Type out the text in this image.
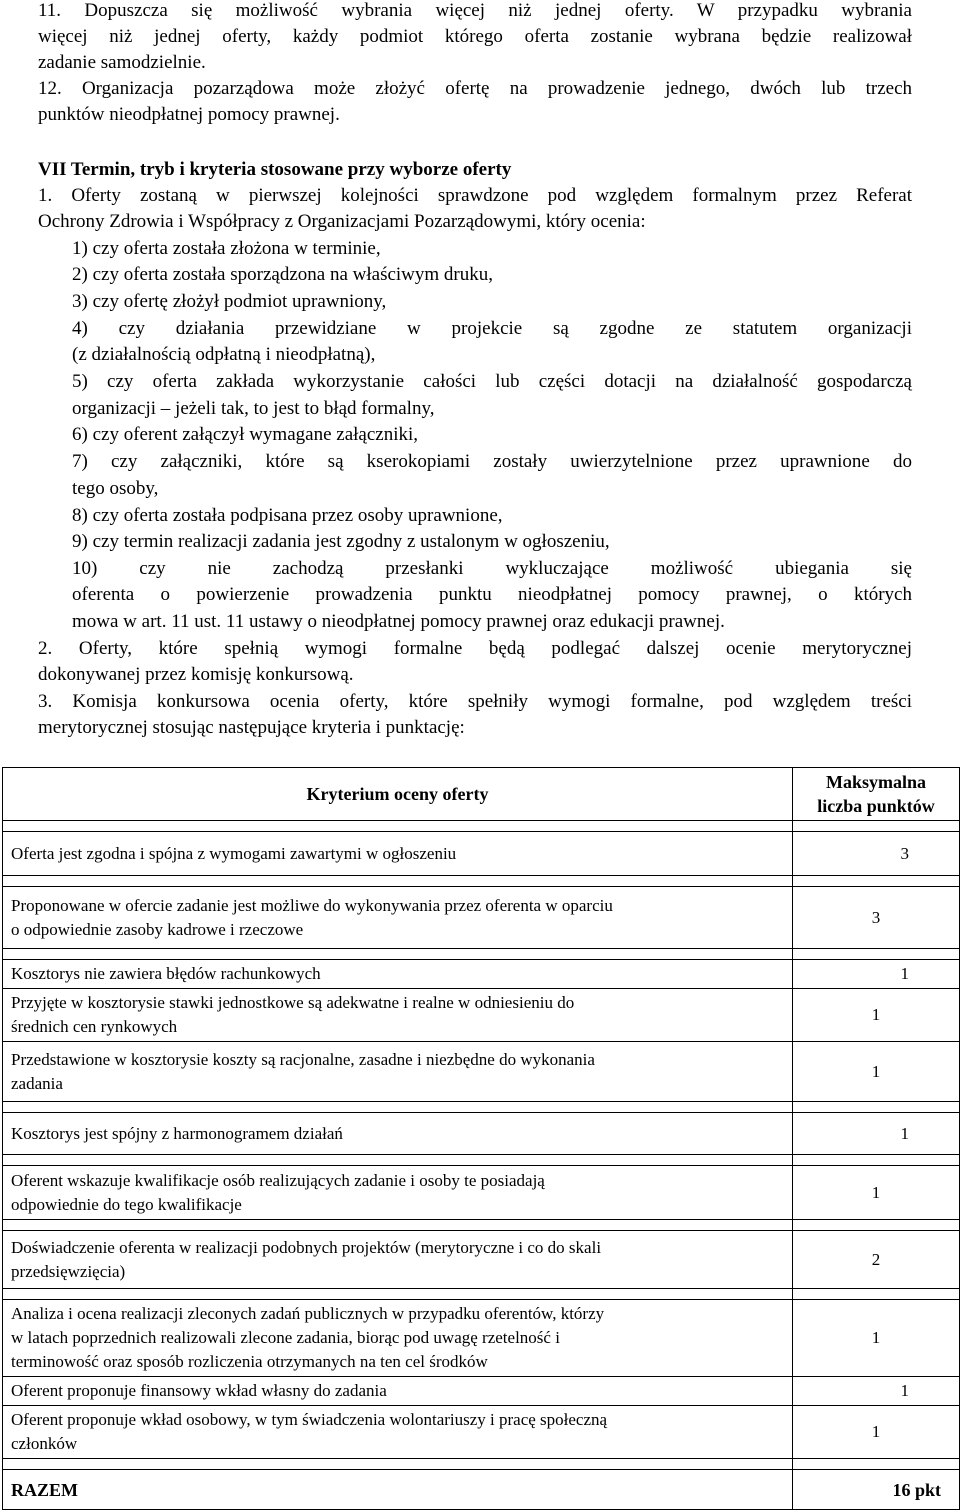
11. Dopuszcza się możliwość wybrania więcej niż jednej oferty. W przypadku wybrania
więcej niż jednej oferty, każdy podmiot którego oferta zostanie wybrana będzie realizował
zadanie samodzielnie.
12. Organizacja pozarządowa może złożyć ofertę na prowadzenie jednego, dwóch lub trzech
punktów nieodpłatnej pomocy prawnej.
VII Termin, tryb i kryteria stosowane przy wyborze oferty
1. Oferty zostaną w pierwszej kolejności sprawdzone pod względem formalnym przez Referat
Ochrony Zdrowia i Współpracy z Organizacjami Pozarządowymi, który ocenia:
1) czy oferta została złożona w terminie,
2) czy oferta została sporządzona na właściwym druku,
3) czy ofertę złożył podmiot uprawniony,
4) czy działania przewidziane w projekcie są zgodne ze statutem organizacji
(z działalnością odpłatną i nieodpłatną),
5) czy oferta zakłada wykorzystanie całości lub części dotacji na działalność gospodarczą
organizacji – jeżeli tak, to jest to błąd formalny,
6) czy oferent załączył wymagane załączniki,
7) czy załączniki, które są kserokopiami zostały uwierzytelnione przez uprawnione do
tego osoby,
8) czy oferta została podpisana przez osoby uprawnione,
9) czy termin realizacji zadania jest zgodny z ustalonym w ogłoszeniu,
10) czy nie zachodzą przesłanki wykluczające możliwość ubiegania się
oferenta o powierzenie prowadzenia punktu nieodpłatnej pomocy prawnej, o których
mowa w art. 11 ust. 11 ustawy o nieodpłatnej pomocy prawnej oraz edukacji prawnej.
2. Oferty, które spełnią wymogi formalne będą podlegać dalszej ocenie merytorycznej
dokonywanej przez komisję konkursową.
3. Komisja konkursowa ocenia oferty, które spełniły wymogi formalne, pod względem treści
merytorycznej stosując następujące kryteria i punktację:
Kryterium oceny oferty	Maksymalna
liczba punktów

Oferta jest zgodna i spójna z wymogami zawartymi w ogłoszeniu	3

Proponowane w ofercie zadanie jest możliwe do wykonywania przez oferenta w oparciu
o odpowiednie zasoby kadrowe i rzeczowe	3

Kosztorys nie zawiera błędów rachunkowych	1

Przyjęte w kosztorysie stawki jednostkowe są adekwatne i realne w odniesieniu do
średnich cen rynkowych	1

Przedstawione w kosztorysie koszty są racjonalne, zasadne i niezbędne do wykonania
zadania	1

Kosztorys jest spójny z harmonogramem działań	1

Oferent wskazuje kwalifikacje osób realizujących zadanie i osoby te posiadają
odpowiednie do tego kwalifikacje	1

Doświadczenie oferenta w realizacji podobnych projektów (merytoryczne i co do skali
przedsięwzięcia)	2

Analiza i ocena realizacji zleconych zadań publicznych w przypadku oferentów, którzy
w latach poprzednich realizowali zlecone zadania, biorąc pod uwagę rzetelność i
terminowość oraz sposób rozliczenia otrzymanych na ten cel środków	1

Oferent proponuje finansowy wkład własny do zadania	1

Oferent proponuje wkład osobowy, w tym świadczenia wolontariuszy i pracę społeczną
członków	1

RAZEM	16 pkt
